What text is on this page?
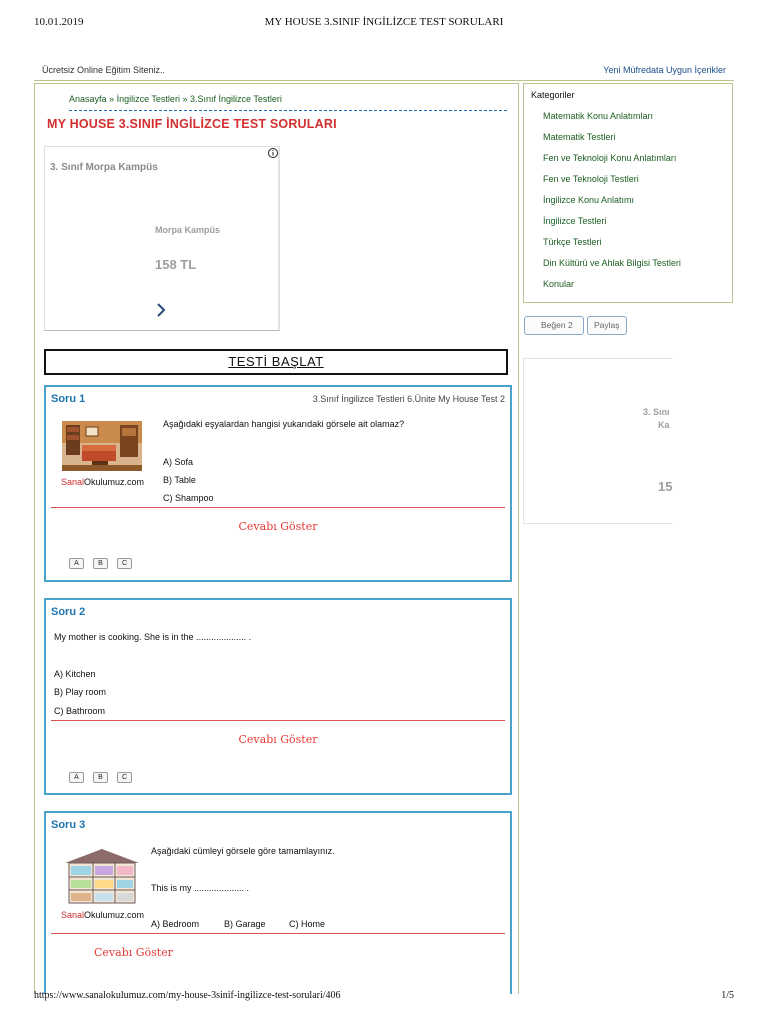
10.01.2019	MY HOUSE 3.SINIF İNGİLİZCE TEST SORULARI
Ücretsiz Online Eğitim Siteniz..	Yeni Müfredata Uygun İçerikler
Anasayfa » İngilizce Testleri » 3.Sınıf İngilizce Testleri
MY HOUSE 3.SINIF İNGİLİZCE TEST SORULARI
3. Sınıf Morpa Kampüs
Morpa Kampüs
158 TL
TESTİ BAŞLAT
Soru 1	3.Sınıf İngilizce Testleri 6.Ünite My House Test 2
SanalOkulumuz.com
Aşağıdaki eşyalardan hangisi yukarıdaki görsele ait olamaz?
A) Sofa
B) Table
C) Shampoo
Cevabı Göster
A	B	C
Soru 2
My mother is cooking. She is in the .................... .
A) Kitchen
B) Play room
C) Bathroom
Cevabı Göster
A	B	C
Soru 3
SanalOkulumuz.com
Aşağıdaki cümleyi görsele göre tamamlayınız.
This is my .................... .
A) Bedroom	B) Garage	C) Home
Cevabı Göster
Kategoriler
Matematik Konu Anlatımları
Matematik Testleri
Fen ve Teknoloji Konu Anlatımları
Fen ve Teknoloji Testleri
İngilizce Konu Anlatımı
İngilizce Testleri
Türkçe Testleri
Din Kültürü ve Ahlak Bilgisi Testleri
Konular
Beğen 2	Paylaş
3. Sını
Ka
15
https://www.sanalokulumuz.com/my-house-3sinif-ingilizce-test-sorulari/406	1/5
